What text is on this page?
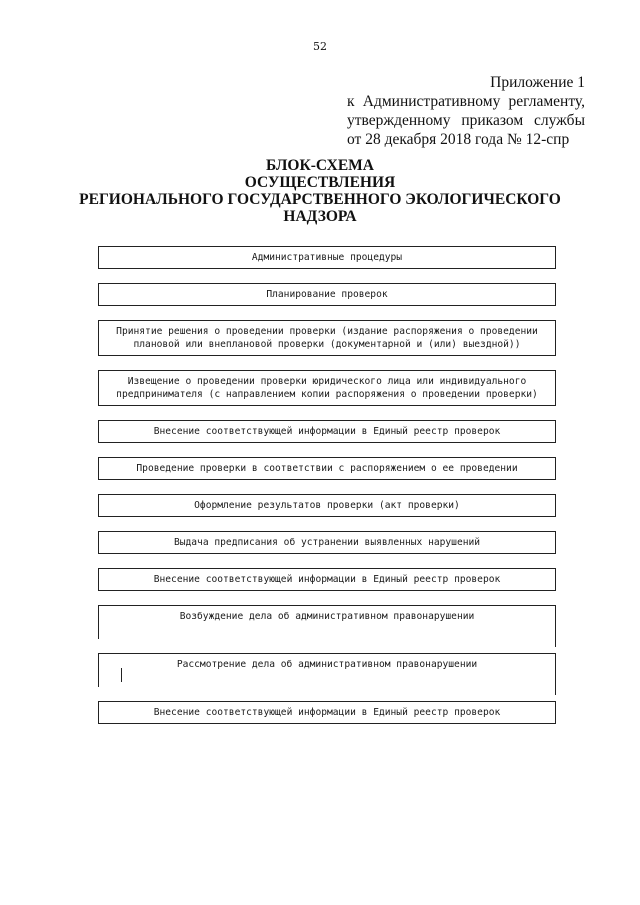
52
Приложение 1
к Административному регламенту,
утвержденному приказом службы
от 28 декабря 2018 года № 12-спр
БЛОК-СХЕМА
ОСУЩЕСТВЛЕНИЯ
РЕГИОНАЛЬНОГО ГОСУДАРСТВЕННОГО ЭКОЛОГИЧЕСКОГО
НАДЗОРА
Административные процедуры
Планирование проверок
Принятие решения о проведении проверки (издание распоряжения о проведении плановой или внеплановой проверки (документарной и (или) выездной))
Извещение о проведении проверки юридического лица или индивидуального предпринимателя (с направлением копии распоряжения о проведении проверки)
Внесение соответствующей информации в Единый реестр проверок
Проведение проверки в соответствии с распоряжением о ее проведении
Оформление результатов проверки (акт проверки)
Выдача предписания об устранении выявленных нарушений
Внесение соответствующей информации в Единый реестр проверок
Возбуждение дела об административном правонарушении
Рассмотрение дела об административном правонарушении
Внесение соответствующей информации в Единый реестр проверок
